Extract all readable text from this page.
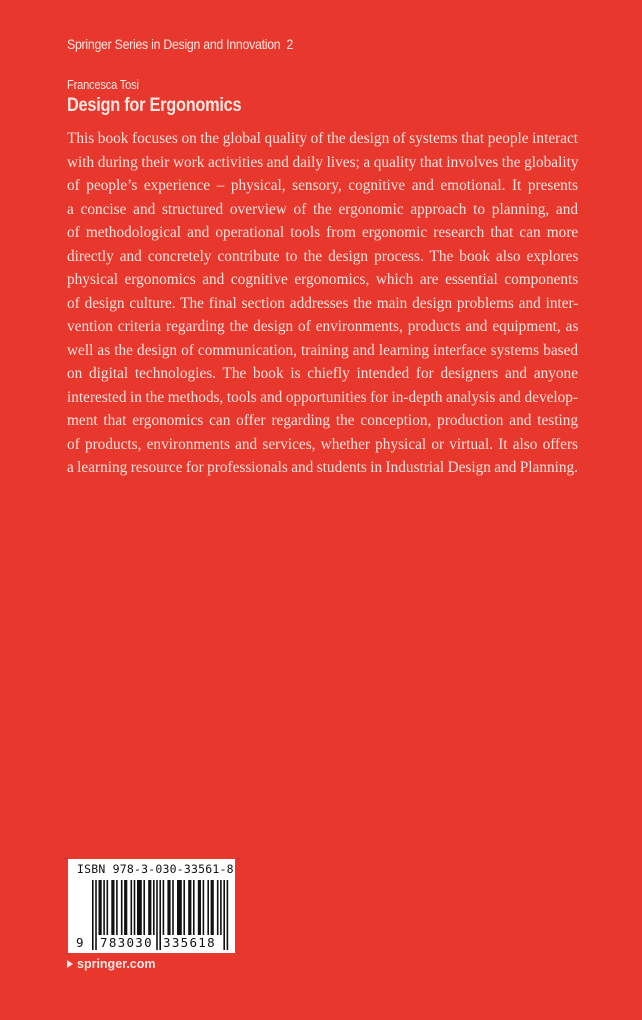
Springer Series in Design and Innovation 2
Francesca Tosi
Design for Ergonomics
This book focuses on the global quality of the design of systems that people interact
with during their work activities and daily lives; a quality that involves the globality
of people’s experience – physical, sensory, cognitive and emotional. It presents
a concise and structured overview of the ergonomic approach to planning, and
of methodological and operational tools from ergonomic research that can more
directly and concretely contribute to the design process. The book also explores
physical ergonomics and cognitive ergonomics, which are essential components
of design culture. The final section addresses the main design problems and inter-
vention criteria regarding the design of environments, products and equipment, as
well as the design of communication, training and learning interface systems based
on digital technologies. The book is chiefly intended for designers and anyone
interested in the methods, tools and opportunities for in-depth analysis and develop-
ment that ergonomics can offer regarding the conception, production and testing
of products, environments and services, whether physical or virtual. It also offers
a learning resource for professionals and students in Industrial Design and Planning.
ISBN 978-3-030-33561-8
9 783030 335618
springer.com
